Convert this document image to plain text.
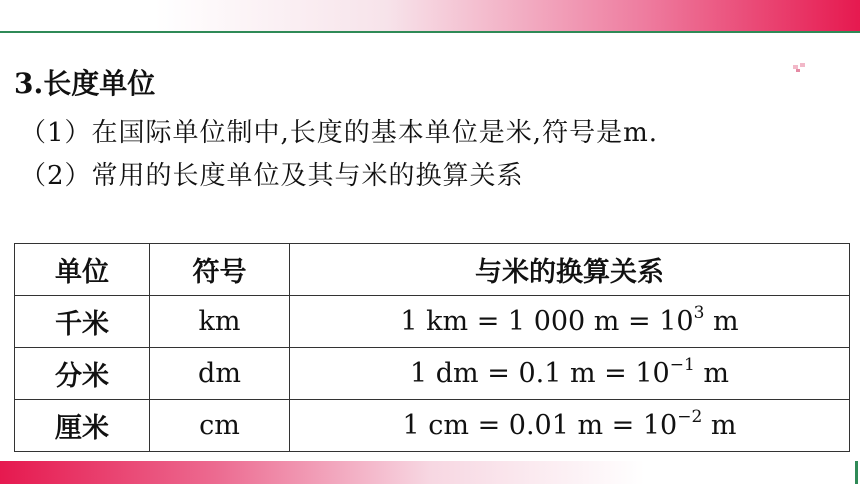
3.长度单位
（1）在国际单位制中,长度的基本单位是米,符号是m.
（2）常用的长度单位及其与米的换算关系
单位	符号	与米的换算关系
千米	km	1 km = 1 000 $m = 10^3$ m
分米	dm	1 dm = 0.1 $m = 10^{-1}$ m
厘米	cm	1 cm = 0.01 $m = 10^{-2}$ m
